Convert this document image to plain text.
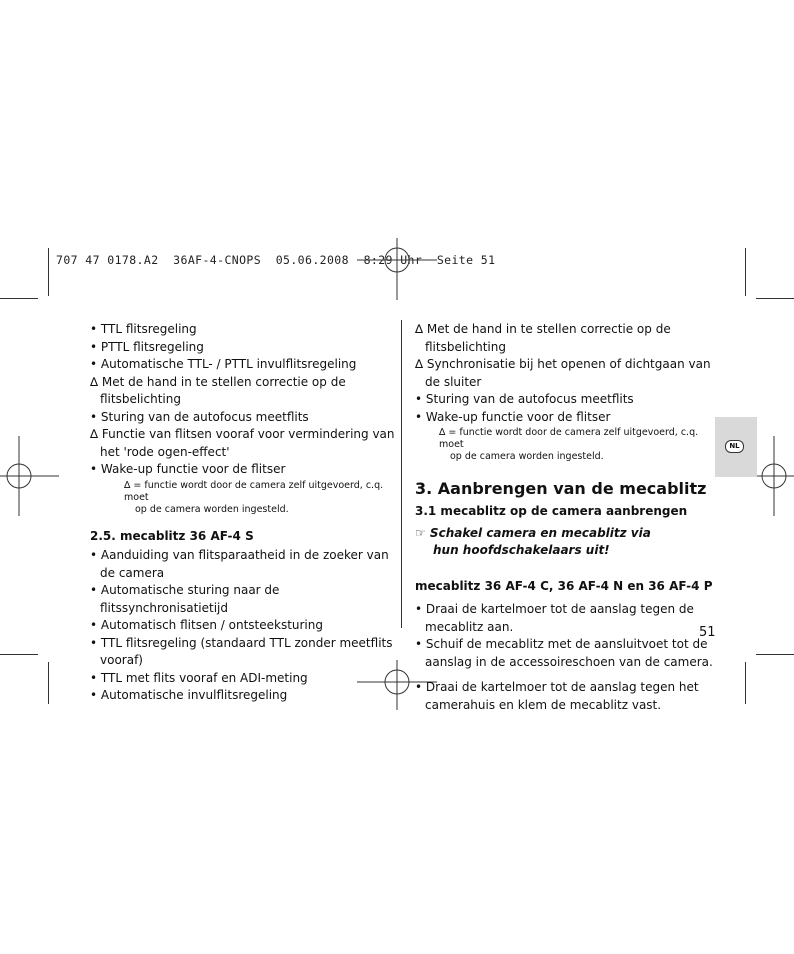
707 47 0178.A2  36AF-4-CNOPS  05.06.2008  8:29 Uhr  Seite 51
• TTL flitsregeling
• PTTL flitsregeling
• Automatische TTL- / PTTL invulflitsregeling
∆ Met de hand in te stellen correctie op de flitsbelichting
• Sturing van de autofocus meetflits
∆ Functie van flitsen vooraf voor vermindering van het 'rode ogen-effect'
• Wake-up functie voor de flitser
∆ = functie wordt door de camera zelf uitgevoerd, c.q. moet
op de camera worden ingesteld.
2.5. mecablitz 36 AF-4 S
• Aanduiding van flitsparaatheid in de zoeker van de camera
• Automatische sturing naar de flitssynchronisatietijd
• Automatisch flitsen / ontsteeksturing
• TTL flitsregeling (standaard TTL zonder meetflits vooraf)
• TTL met flits vooraf en ADI-meting
• Automatische invulflitsregeling
∆ Met de hand in te stellen correctie op de flitsbelichting
∆ Synchronisatie bij het openen of dichtgaan van de sluiter
• Sturing van de autofocus meetflits
• Wake-up functie voor de flitser
∆ = functie wordt door de camera zelf uitgevoerd, c.q. moet
op de camera worden ingesteld.
3. Aanbrengen van de mecablitz
3.1 mecablitz op de camera aanbrengen
☞ Schakel camera en mecablitz via hun hoofdschakelaars uit!
mecablitz 36 AF-4 C, 36 AF-4 N en 36 AF-4 P
• Draai de kartelmoer tot de aanslag tegen de mecablitz aan.
• Schuif de mecablitz met de aansluitvoet tot de aanslag in de accessoireschoen van de camera.
• Draai de kartelmoer tot de aanslag tegen het camerahuis en klem de mecablitz vast.
NL
51
